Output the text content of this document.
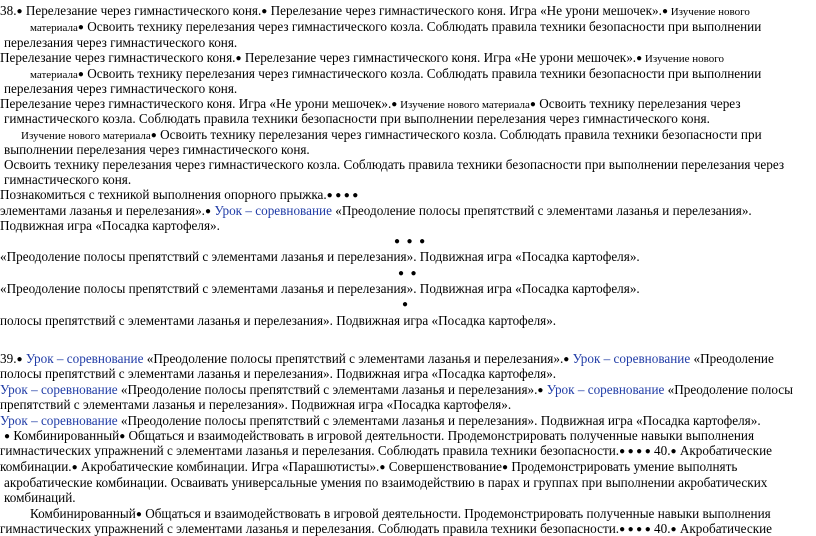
38.● Перелезание через гимнастического коня.● Перелезание через гимнастического коня. Игра «Не урони мешочек».● Изучение нового
материала● Освоить технику перелезания через гимнастического козла. Соблюдать правила техники безопасности при выполнении
перелезания через гимнастического коня.
Перелезание через гимнастического коня.● Перелезание через гимнастического коня. Игра «Не урони мешочек».● Изучение нового
материала● Освоить технику перелезания через гимнастического козла. Соблюдать правила техники безопасности при выполнении
перелезания через гимнастического коня.
Перелезание через гимнастического коня. Игра «Не урони мешочек».● Изучение нового материала● Освоить технику перелезания через
гимнастического козла. Соблюдать правила техники безопасности при выполнении перелезания через гимнастического коня.
Изучение нового материала● Освоить технику перелезания через гимнастического козла. Соблюдать правила техники безопасности при
выполнении перелезания через гимнастического коня.
Освоить технику перелезания через гимнастического козла. Соблюдать правила техники безопасности при выполнении перелезания через
гимнастического коня.
Познакомиться с техникой выполнения опорного прыжка.● ● ● ●
элементами лазанья и перелезания».● Урок – соревнование «Преодоление полосы препятствий с элементами лазанья и перелезания».
Подвижная игра «Посадка картофеля».
● ● ●
«Преодоление полосы препятствий с элементами лазанья и перелезания». Подвижная игра «Посадка картофеля».
● ●
«Преодоление полосы препятствий с элементами лазанья и перелезания». Подвижная игра «Посадка картофеля».
●
полосы препятствий с элементами лазанья и перелезания». Подвижная игра «Посадка картофеля».
39.● Урок – соревнование «Преодоление полосы препятствий с элементами лазанья и перелезания».● Урок – соревнование «Преодоление
полосы препятствий с элементами лазанья и перелезания». Подвижная игра «Посадка картофеля».
Урок – соревнование «Преодоление полосы препятствий с элементами лазанья и перелезания».● Урок – соревнование «Преодоление полосы
препятствий с элементами лазанья и перелезания». Подвижная игра «Посадка картофеля».
Урок – соревнование «Преодоление полосы препятствий с элементами лазанья и перелезания». Подвижная игра «Посадка картофеля».
● Комбинированный● Общаться и взаимодействовать в игровой деятельности. Продемонстрировать полученные навыки выполнения
гимнастических упражнений с элементами лазанья и перелезания. Соблюдать правила техники безопасности.● ● ● ● 40.● Акробатические
комбинации.● Акробатические комбинации. Игра «Парашютисты».● Совершенствование● Продемонстрировать умение выполнять
акробатические комбинации. Осваивать универсальные умения по взаимодействию в парах и группах при выполнении акробатических
комбинаций.
Комбинированный● Общаться и взаимодействовать в игровой деятельности. Продемонстрировать полученные навыки выполнения
гимнастических упражнений с элементами лазанья и перелезания. Соблюдать правила техники безопасности.● ● ● ● 40.● Акробатические
